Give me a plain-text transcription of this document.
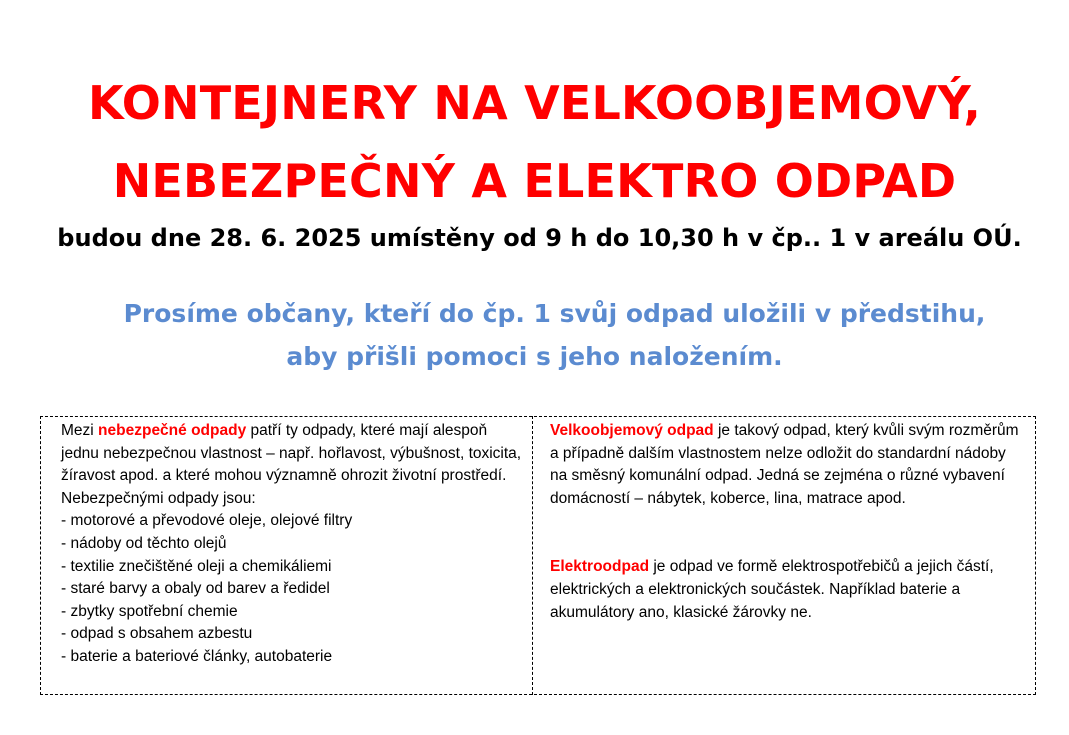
KONTEJNERY NA VELKOOBJEMOVÝ,
NEBEZPEČNÝ A ELEKTRO ODPAD

budou dne 28. 6. 2025 umístěny od 9 h do 10,30 h v čp.. 1 v areálu OÚ.

Prosíme občany, kteří do čp. 1 svůj odpad uložili v předstihu,

aby přišli pomoci s jeho naložením.

Mezi nebezpečné odpady patří ty odpady, které mají alespoň jednu nebezpečnou vlastnost – např. hořlavost, výbušnost, toxicita, žíravost apod. a které mohou významně ohrozit životní prostředí.

Nebezpečnými odpady jsou:

- motorové a převodové oleje, olejové filtry
- nádoby od těchto olejů
- textilie znečištěné oleji a chemikáliemi
- staré barvy a obaly od barev a ředidel
- zbytky spotřební chemie
- odpad s obsahem azbestu
- baterie a bateriové články, autobaterie

Velkoobjemový odpad je takový odpad, který kvůli svým rozměrům a případně dalším vlastnostem nelze odložit do standardní nádoby na směsný komunální odpad. Jedná se zejména o různé vybavení domácností – nábytek, koberce, lina, matrace apod.

Elektroodpad je odpad ve formě elektrospotřebičů a jejich částí, elektrických a elektronických součástek. Například baterie a akumulátory ano, klasické žárovky ne.
